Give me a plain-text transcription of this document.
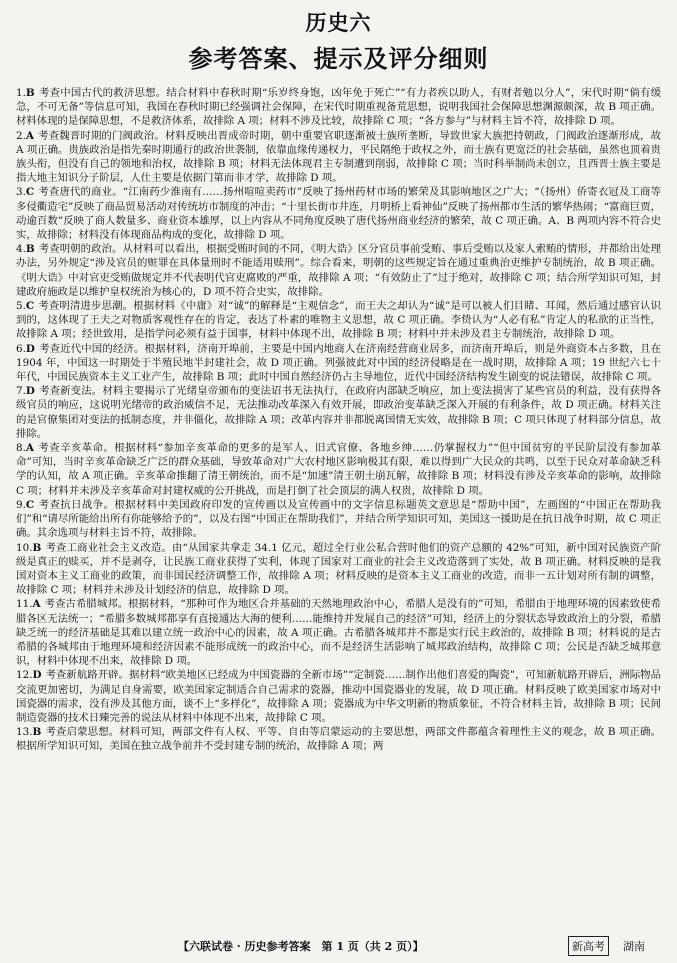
历史六
参考答案、提示及评分细则

1.B 考查中国古代的救济思想。结合材料中春秋时期“乐岁终身饱，凶年免于死亡”“有力者疾以助人，有财者勉以分人”，宋代时期“倘有缓急，不可无备”等信息可知，我国在春秋时期已经强调社会保障，在宋代时期重视备荒思想，说明我国社会保障思想渊源颇深，故 B 项正确。材料体现的是保障思想，不是救济体系，故排除 A 项；材料不涉及比较，故排除 C 项；“各方参与”与材料主旨不符，故排除 D 项。

2.A 考查魏晋时期的门阀政治。材料反映出晋成帝时期，朝中重要官职逐渐被士族所垄断，导致世家大族把持朝政，门阀政治逐渐形成，故 A 项正确。贵族政治是指先秦时期通行的政治世袭制，依靠血缘传递权力，平民隔绝于政权之外，而士族有更宽泛的社会基础，虽然也顶着贵族头衔，但没有自己的领地和治权，故排除 B 项；材料无法体现君主专制遭到削弱，故排除 C 项；当时科举制尚未创立，且西晋士族主要是指大地主知识分子阶层，人仕主要是依据门第而非才学，故排除 D 项。

3.C 考查唐代的商业。“江南药少淮南有……扬州喧喧卖药市”反映了扬州药材市场的繁荣及其影响地区之广大；“（扬州）侨寄衣冠及工商等多侵衢造宅”反映了商品贸易活动对传统坊市制度的冲击；“十里长街市井连，月明桥上看神仙”反映了扬州都市生活的繁华热闹；“富商巨贾，动逾百数”反映了商人数量多、商业资本雄厚，以上内容从不同角度反映了唐代扬州商业经济的繁荣，故 C 项正确。A、B 两项内容不符合史实，故排除；材料没有体现商品构成的变化，故排除 D 项。

4.B 考查明朝的政治。从材料可以看出，根据受贿时间的不同，《明大诰》区分官员事前受贿、事后受贿以及家人索贿的情形，并都给出处理办法，另外规定“涉及官员的赃罪在具体量刑时不能适用赎刑”。综合看来，明朝的这些规定旨在通过重典治吏维护专制统治，故 B 项正确。《明大诰》中对官吏受贿做规定并不代表明代官吏腐败的严重，故排除 A 项；“有效防止了”过于绝对，故排除 C 项；结合所学知识可知，封建政府施政是以维护皇权统治为核心的，D 项不符合史实，故排除。

5.C 考查明清进步思潮。根据材料《中庸》对“诚”的解释是“主观信念”，而王夫之却认为“诚”是可以被人们目睹、耳闻，然后通过感官认识到的，这体现了王夫之对物质客观性存在的肯定，表达了朴素的唯物主义思想，故 C 项正确。李贽认为“人必有私”肯定人的私欲的正当性，故排除 A 项；经世致用，是指学问必须有益于国事，材料中体现不出，故排除 B 项；材料中并未涉及君主专制统治，故排除 D 项。

6.D 考查近代中国的经济。根据材料，济南开埠前，主要是中国内地商人在济南经营商业居多，而济南开埠后，则是外商资本占多数，且在 1904 年，中国这一时期处于半殖民地半封建社会，故 D 项正确。列强彼此对中国的经济侵略是在一战时期，故排除 A 项；19 世纪六七十年代，中国民族资本主义工业产生，故排除 B 项；此时中国自然经济仍占主导地位，近代中国经济结构发生剧变的说法错误，故排除 C 项。

7.D 考查新变法。材料主要揭示了光绪皇帝颁布的变法诏书无法执行，在政府内部缺乏响应，加上变法损害了某些官员的利益，没有获得各级官员的响应，这说明光绪帝的政治威信不足，无法推动改革深入有效开展，即政治变革缺乏深入开展的有利条件，故 D 项正确。材料关注的是官僚集团对变法的抵制态度，并非僵化，故排除 A 项；改革内容并非都脱离国情无实效，故排除 B 项；C 项只体现了材料部分信息，故排除。

8.A 考查辛亥革命。根据材料“参加辛亥革命的更多的是军人、旧式官僚、各地乡绅……仍掌握权力”“但中国贫穷的平民阶层没有参加革命”可知，当时辛亥革命缺乏广泛的群众基础，导致革命对广大农村地区影响极其有限，难以得到广大民众的共鸣，以至于民众对革命缺乏科学的认知，故 A 项正确。辛亥革命推翻了清王朝统治，而不是“加速”清王朝土崩瓦解，故排除 B 项；材料没有涉及辛亥革命的影响，故排除 C 项；材料并未涉及辛亥革命对封建权威的公开挑战，而是打倒了社会顶层的满人权贵，故排除 D 项。

9.C 考查抗日战争。根据材料中美国政府印发的宣传画以及宣传画中的文字信息标题英文意思是“帮助中国”，左画图的“中国正在帮助我们”和“请尽所能给出所有你能够给予的”，以及右图“中国正在帮助我们”，并结合所学知识可知，美国这一援助是在抗日战争时期，故 C 项正确。其余选项与材料主旨不符，故排除。

10.B 考查工商业社会主义改造。由“从国家共拿走 34.1 亿元，超过全行业公私合营时他们的资产总额的 42%”可知，新中国对民族资产阶级是真正的赎买，并不是剥夺，让民族工商业获得了实利，体现了国家对工商业的社会主义改造落到了实处，故 B 项正确。材料反映的是我国对资本主义工商业的政策，而非国民经济调整工作，故排除 A 项；材料反映的是资本主义工商业的改造，而非一五计划对所有制的调整，故排除 C 项；材料并未涉及计划经济的信息，故排除 D 项。

11.A 考查古希腊城邦。根据材料，“那种可作为地区合并基础的天然地理政治中心，希腊人是没有的”可知，希腊由于地理环境的因素致使希腊各区无法统一；“希腊多数城邦都享有直接通达大海的便利……能维持并发展自己的经济”可知，经济上的分裂状态导致政治上的分裂，希腊缺乏统一的经济基础是其难以建立统一政治中心的因素，故 A 项正确。古希腊各城邦并不都是实行民主政治的，故排除 B 项；材料说的是古希腊的各城邦由于地理环境和经济因素不能形成统一的政治中心，而不是经济生活影响了城邦政治结构，故排除 C 项；公民是否缺乏城邦意识，材料中体现不出来，故排除 D 项。

12.D 考查新航路开辟。据材料“欧美地区已经成为中国瓷器的全新市场”“定制瓷……制作出他们喜爱的陶瓷”，可知新航路开辟后，洲际物品交流更加密切，为满足自身需要，欧美国家定制适合自己需求的瓷器，推动中国瓷器业的发展，故 D 项正确。材料反映了欧美国家市场对中国瓷器的需求，没有涉及其他方面，谈不上“多样化”，故排除 A 项；瓷器成为中华文明新的物质象征，不符合材料主旨，故排除 B 项；民间制造瓷器的技术日臻完善的说法从材料中体现不出来，故排除 C 项。

13.B 考查启蒙思想。材料可知，两部文件有人权、平等、自由等启蒙运动的主要思想，两部文件都蕴含着理性主义的观念，故 B 项正确。根据所学知识可知，美国在独立战争前并不受封建专制的统治，故排除 A 项；两

【六联试卷 · 历史参考答案　第 1 页（共 2 页）】	新高考	湖南
